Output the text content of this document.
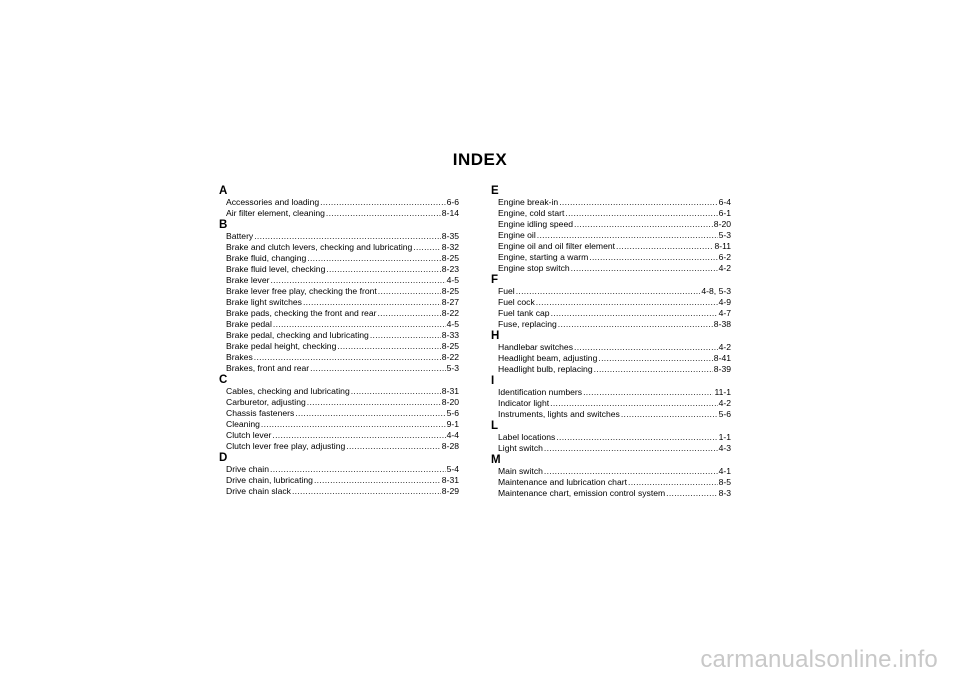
INDEX
A
Accessories and loading .....	6-6
Air filter element, cleaning .....	8-14
B
Battery .....	8-35
Brake and clutch levers, checking and lubricating .....	8-32
Brake fluid, changing .....	8-25
Brake fluid level, checking .....	8-23
Brake lever .....	4-5
Brake lever free play, checking the front .....	8-25
Brake light switches .....	8-27
Brake pads, checking the front and rear .....	8-22
Brake pedal .....	4-5
Brake pedal, checking and lubricating .....	8-33
Brake pedal height, checking .....	8-25
Brakes .....	8-22
Brakes, front and rear .....	5-3
C
Cables, checking and lubricating .....	8-31
Carburetor, adjusting .....	8-20
Chassis fasteners .....	5-6
Cleaning .....	9-1
Clutch lever .....	4-4
Clutch lever free play, adjusting .....	8-28
D
Drive chain .....	5-4
Drive chain, lubricating .....	8-31
Drive chain slack .....	8-29
E
Engine break-in .....	6-4
Engine, cold start .....	6-1
Engine idling speed .....	8-20
Engine oil .....	5-3
Engine oil and oil filter element .....	8-11
Engine, starting a warm .....	6-2
Engine stop switch .....	4-2
F
Fuel .....	4-8, 5-3
Fuel cock .....	4-9
Fuel tank cap .....	4-7
Fuse, replacing .....	8-38
H
Handlebar switches .....	4-2
Headlight beam, adjusting .....	8-41
Headlight bulb, replacing .....	8-39
I
Identification numbers .....	11-1
Indicator light .....	4-2
Instruments, lights and switches .....	5-6
L
Label locations .....	1-1
Light switch .....	4-3
M
Main switch .....	4-1
Maintenance and lubrication chart .....	8-5
Maintenance chart, emission control system .....	8-3
carmanualsonline.info
